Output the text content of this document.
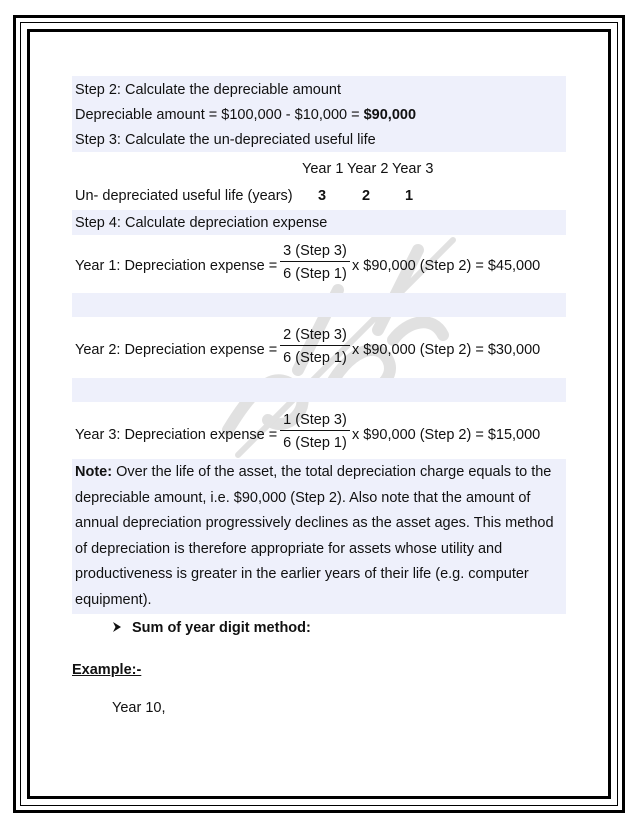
Step 2: Calculate the depreciable amount
Depreciable amount = $100,000 - $10,000 = $90,000
Step 3: Calculate the un-depreciated useful life
Year 1 Year 2 Year 3
Un- depreciated useful life (years) 3 2 1
Step 4: Calculate depreciation expense
Year 1: Depreciation expense =
3 (Step 3)
6 (Step 1) x $90,000 (Step 2) = $45,000
Year 2: Depreciation expense =
2 (Step 3)
6 (Step 1) x $90,000 (Step 2) = $30,000
Year 3: Depreciation expense =
1 (Step 3)
6 (Step 1) x $90,000 (Step 2) = $15,000
Note: Over the life of the asset, the total depreciation charge equals to the depreciable amount, i.e. $90,000 (Step 2). Also note that the amount of annual depreciation progressively declines as the asset ages. This method of depreciation is therefore appropriate for assets whose utility and productiveness is greater in the earlier years of their life (e.g. computer equipment).
Sum of year digit method:
Example:-
Year 10,
